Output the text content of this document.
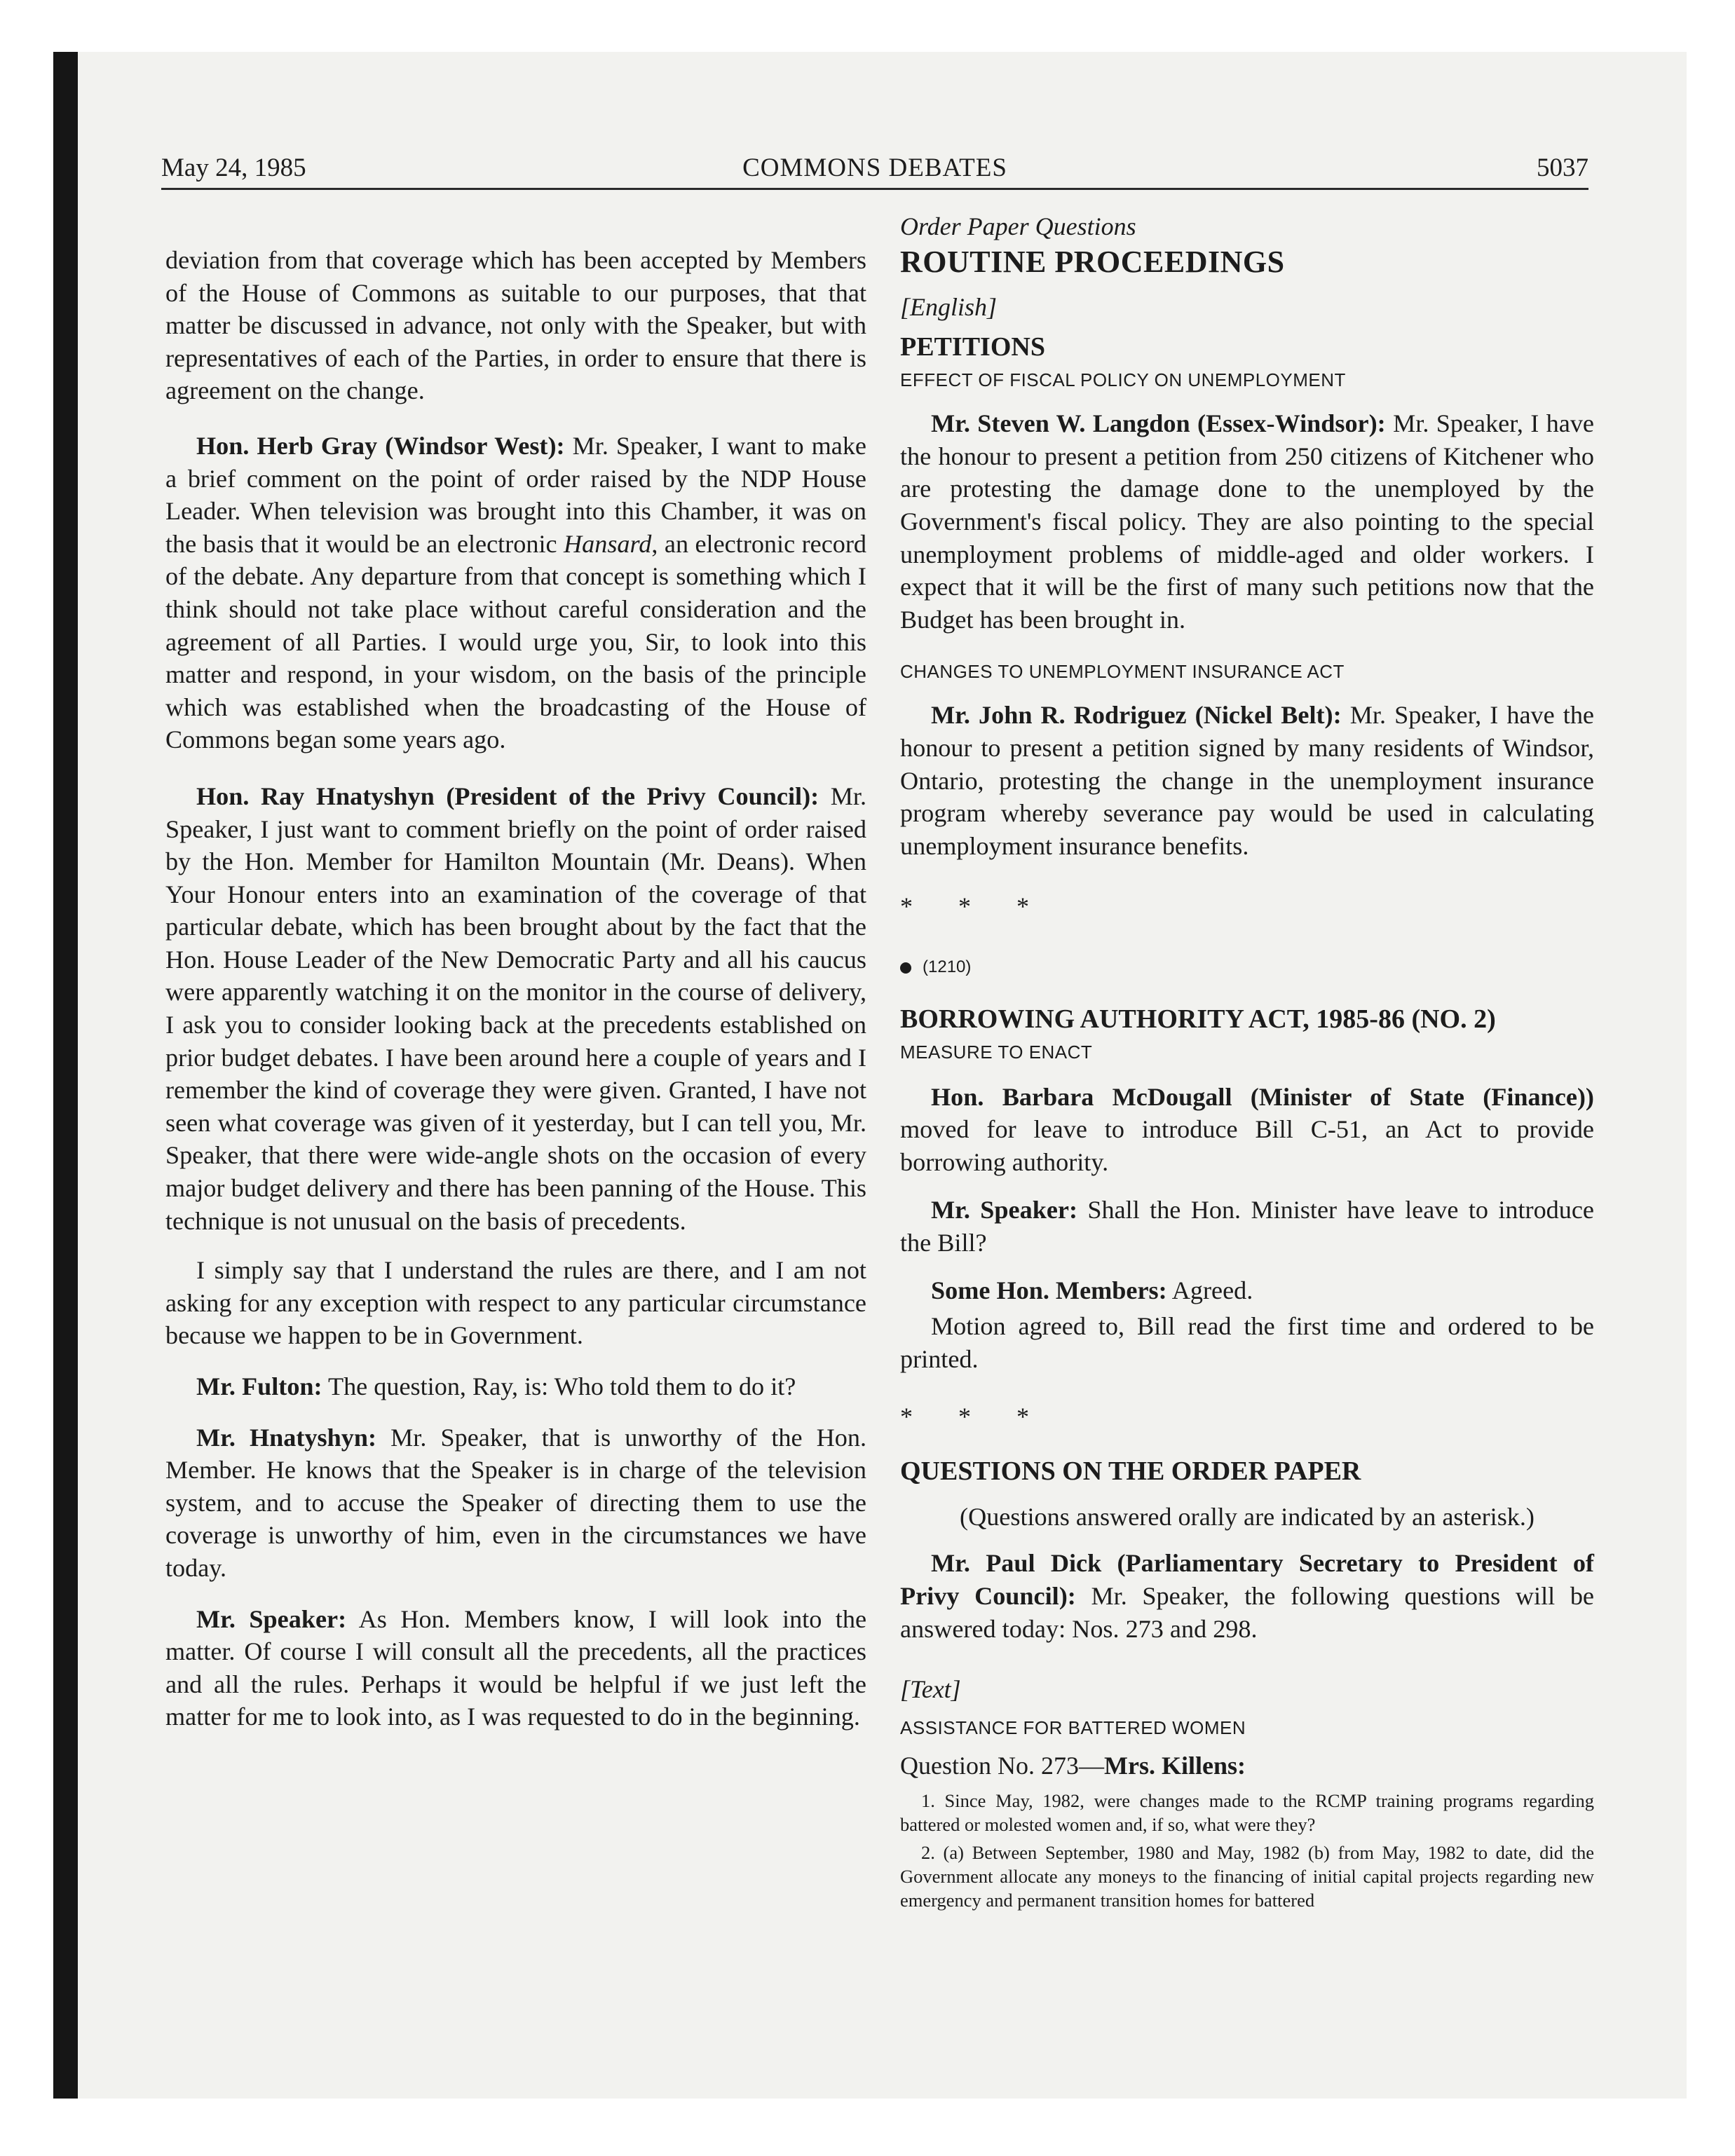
May 24, 1985	COMMONS DEBATES	5037

deviation from that coverage which has been accepted by Members of the House of Commons as suitable to our purposes, that that matter be discussed in advance, not only with the Speaker, but with representatives of each of the Parties, in order to ensure that there is agreement on the change.

Hon. Herb Gray (Windsor West): Mr. Speaker, I want to make a brief comment on the point of order raised by the NDP House Leader. When television was brought into this Chamber, it was on the basis that it would be an electronic Hansard, an electronic record of the debate. Any departure from that concept is something which I think should not take place without careful consideration and the agreement of all Parties. I would urge you, Sir, to look into this matter and respond, in your wisdom, on the basis of the principle which was established when the broadcasting of the House of Commons began some years ago.

Hon. Ray Hnatyshyn (President of the Privy Council): Mr. Speaker, I just want to comment briefly on the point of order raised by the Hon. Member for Hamilton Mountain (Mr. Deans). When Your Honour enters into an examination of the coverage of that particular debate, which has been brought about by the fact that the Hon. House Leader of the New Democratic Party and all his caucus were apparently watching it on the monitor in the course of delivery, I ask you to consider looking back at the precedents established on prior budget debates. I have been around here a couple of years and I remember the kind of coverage they were given. Granted, I have not seen what coverage was given of it yesterday, but I can tell you, Mr. Speaker, that there were wide-angle shots on the occasion of every major budget delivery and there has been panning of the House. This technique is not unusual on the basis of precedents.

I simply say that I understand the rules are there, and I am not asking for any exception with respect to any particular circumstance because we happen to be in Government.

Mr. Fulton: The question, Ray, is: Who told them to do it?

Mr. Hnatyshyn: Mr. Speaker, that is unworthy of the Hon. Member. He knows that the Speaker is in charge of the television system, and to accuse the Speaker of directing them to use the coverage is unworthy of him, even in the circumstances we have today.

Mr. Speaker: As Hon. Members know, I will look into the matter. Of course I will consult all the precedents, all the practices and all the rules. Perhaps it would be helpful if we just left the matter for me to look into, as I was requested to do in the beginning.

Order Paper Questions

ROUTINE PROCEEDINGS

[English]

PETITIONS

EFFECT OF FISCAL POLICY ON UNEMPLOYMENT

Mr. Steven W. Langdon (Essex-Windsor): Mr. Speaker, I have the honour to present a petition from 250 citizens of Kitchener who are protesting the damage done to the unemployed by the Government's fiscal policy. They are also pointing to the special unemployment problems of middle-aged and older workers. I expect that it will be the first of many such petitions now that the Budget has been brought in.

CHANGES TO UNEMPLOYMENT INSURANCE ACT

Mr. John R. Rodriguez (Nickel Belt): Mr. Speaker, I have the honour to present a petition signed by many residents of Windsor, Ontario, protesting the change in the unemployment insurance program whereby severance pay would be used in calculating unemployment insurance benefits.

* * *

(1210)

BORROWING AUTHORITY ACT, 1985-86 (NO. 2)

MEASURE TO ENACT

Hon. Barbara McDougall (Minister of State (Finance)) moved for leave to introduce Bill C-51, an Act to provide borrowing authority.

Mr. Speaker: Shall the Hon. Minister have leave to introduce the Bill?

Some Hon. Members: Agreed.

Motion agreed to, Bill read the first time and ordered to be printed.

* * *

QUESTIONS ON THE ORDER PAPER

(Questions answered orally are indicated by an asterisk.)

Mr. Paul Dick (Parliamentary Secretary to President of Privy Council): Mr. Speaker, the following questions will be answered today: Nos. 273 and 298.

[Text]

ASSISTANCE FOR BATTERED WOMEN

Question No. 273—Mrs. Killens:

1. Since May, 1982, were changes made to the RCMP training programs regarding battered or molested women and, if so, what were they?

2. (a) Between September, 1980 and May, 1982 (b) from May, 1982 to date, did the Government allocate any moneys to the financing of initial capital projects regarding new emergency and permanent transition homes for battered
